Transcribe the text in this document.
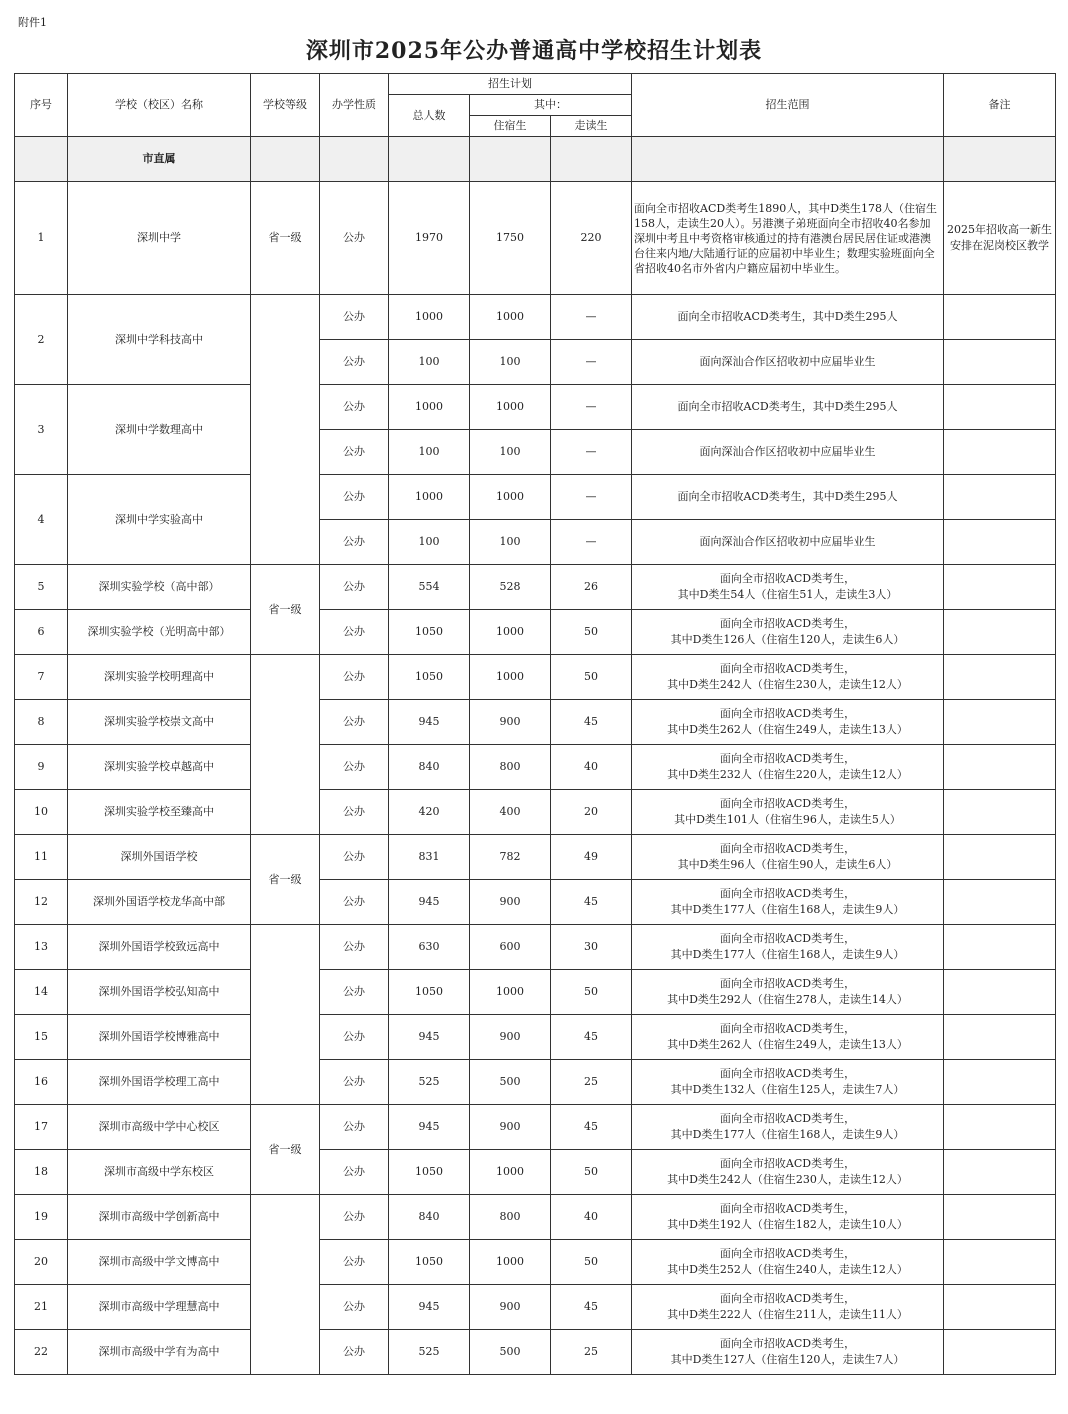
附件1
深圳市2025年公办普通高中学校招生计划表
序号	学校（校区）名称	学校等级	办学性质	招生计划			招生范围	备注
				总人数	其中：			
					住宿生	走读生		
	市直属							
1	深圳中学	省一级	公办	1970	1750	220	面向全市招收ACD类考生1890人，其中D类生178人（住宿生158人，走读生20人）。另港澳子弟班面向全市招收40名参加深圳中考且中考资格审核通过的持有港澳台居民居住证或港澳台往来内地/大陆通行证的应届初中毕业生；数理实验班面向全省招收40名市外省内户籍应届初中毕业生。	2025年招收高一新生安排在泥岗校区教学
2	深圳中学科技高中		公办	1000	1000	—	面向全市招收ACD类考生，其中D类生295人	
			公办	100	100	—	面向深汕合作区招收初中应届毕业生	
3	深圳中学数理高中		公办	1000	1000	—	面向全市招收ACD类考生，其中D类生295人	
			公办	100	100	—	面向深汕合作区招收初中应届毕业生	
4	深圳中学实验高中		公办	1000	1000	—	面向全市招收ACD类考生，其中D类生295人	
			公办	100	100	—	面向深汕合作区招收初中应届毕业生	
5	深圳实验学校（高中部）	省一级	公办	554	528	26	面向全市招收ACD类考生，
其中D类生54人（住宿生51人，走读生3人）	

6	深圳实验学校（光明高中部）		公办	1050	1000	50	面向全市招收ACD类考生，
其中D类生126人（住宿生120人，走读生6人）	

7	深圳实验学校明理高中		公办	1050	1000	50	面向全市招收ACD类考生，
其中D类生242人（住宿生230人，走读生12人）	

8	深圳实验学校崇文高中		公办	945	900	45	面向全市招收ACD类考生，
其中D类生262人（住宿生249人，走读生13人）	

9	深圳实验学校卓越高中		公办	840	800	40	面向全市招收ACD类考生，
其中D类生232人（住宿生220人，走读生12人）	

10	深圳实验学校至臻高中		公办	420	400	20	面向全市招收ACD类考生，
其中D类生101人（住宿生96人，走读生5人）	

11	深圳外国语学校	省一级	公办	831	782	49	面向全市招收ACD类考生，
其中D类生96人（住宿生90人，走读生6人）	

12	深圳外国语学校龙华高中部		公办	945	900	45	面向全市招收ACD类考生，
其中D类生177人（住宿生168人，走读生9人）	

13	深圳外国语学校致远高中		公办	630	600	30	面向全市招收ACD类考生，
其中D类生177人（住宿生168人，走读生9人）	

14	深圳外国语学校弘知高中		公办	1050	1000	50	面向全市招收ACD类考生，
其中D类生292人（住宿生278人，走读生14人）	

15	深圳外国语学校博雅高中		公办	945	900	45	面向全市招收ACD类考生，
其中D类生262人（住宿生249人，走读生13人）	

16	深圳外国语学校理工高中		公办	525	500	25	面向全市招收ACD类考生，
其中D类生132人（住宿生125人，走读生7人）	

17	深圳市高级中学中心校区	省一级	公办	945	900	45	面向全市招收ACD类考生，
其中D类生177人（住宿生168人，走读生9人）	

18	深圳市高级中学东校区		公办	1050	1000	50	面向全市招收ACD类考生，
其中D类生242人（住宿生230人，走读生12人）	

19	深圳市高级中学创新高中		公办	840	800	40	面向全市招收ACD类考生，
其中D类生192人（住宿生182人，走读生10人）	

20	深圳市高级中学文博高中		公办	1050	1000	50	面向全市招收ACD类考生，
其中D类生252人（住宿生240人，走读生12人）	

21	深圳市高级中学理慧高中		公办	945	900	45	面向全市招收ACD类考生，
其中D类生222人（住宿生211人，走读生11人）	

22	深圳市高级中学有为高中		公办	525	500	25	面向全市招收ACD类考生，
其中D类生127人（住宿生120人，走读生7人）	
